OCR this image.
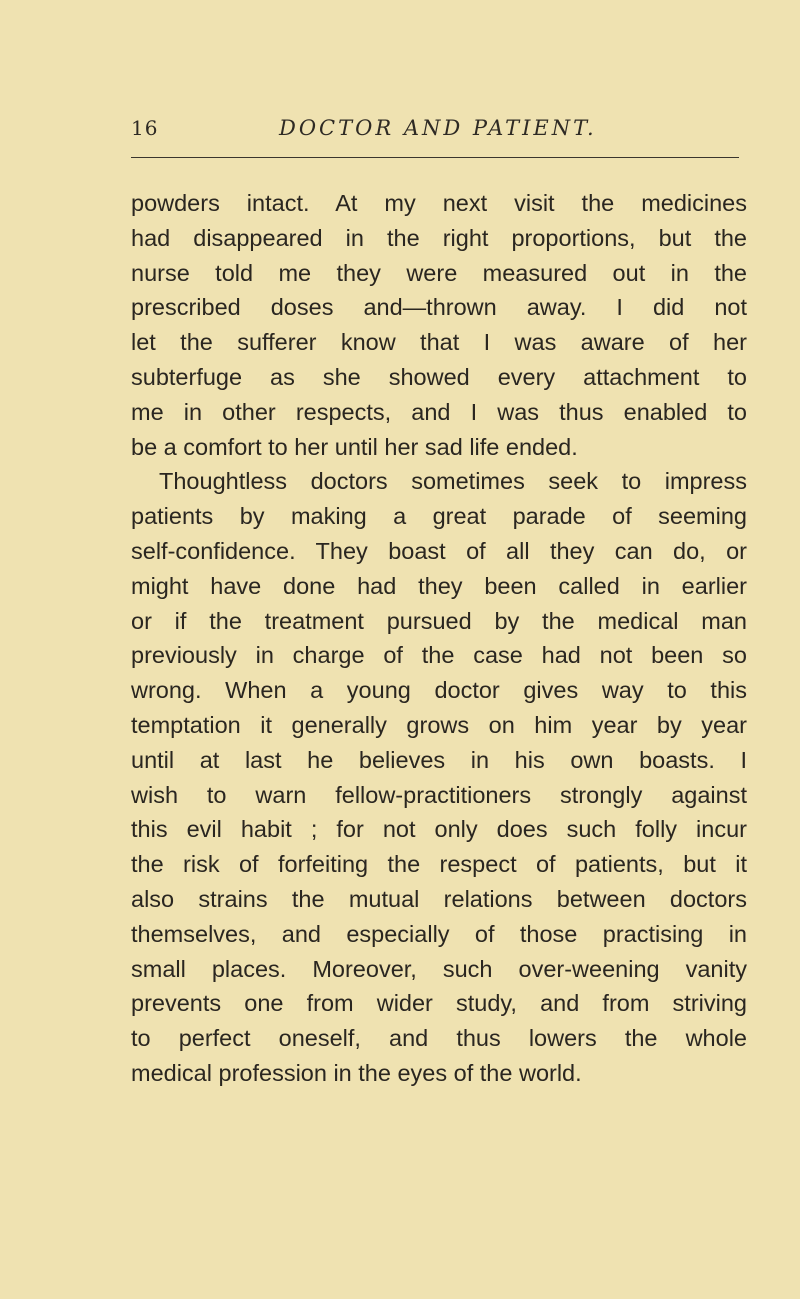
16	DOCTOR AND PATIENT.
powders intact. At my next visit the medicines
had disappeared in the right proportions, but the
nurse told me they were measured out in the
prescribed doses and—thrown away. I did not
let the sufferer know that I was aware of her
subterfuge as she showed every attachment to
me in other respects, and I was thus enabled to
be a comfort to her until her sad life ended.
Thoughtless doctors sometimes seek to impress
patients by making a great parade of seeming
self-confidence. They boast of all they can do, or
might have done had they been called in earlier
or if the treatment pursued by the medical man
previously in charge of the case had not been so
wrong. When a young doctor gives way to this
temptation it generally grows on him year by year
until at last he believes in his own boasts. I
wish to warn fellow-practitioners strongly against
this evil habit ; for not only does such folly incur
the risk of forfeiting the respect of patients, but it
also strains the mutual relations between doctors
themselves, and especially of those practising in
small places. Moreover, such over-weening vanity
prevents one from wider study, and from striving
to perfect oneself, and thus lowers the whole
medical profession in the eyes of the world.
